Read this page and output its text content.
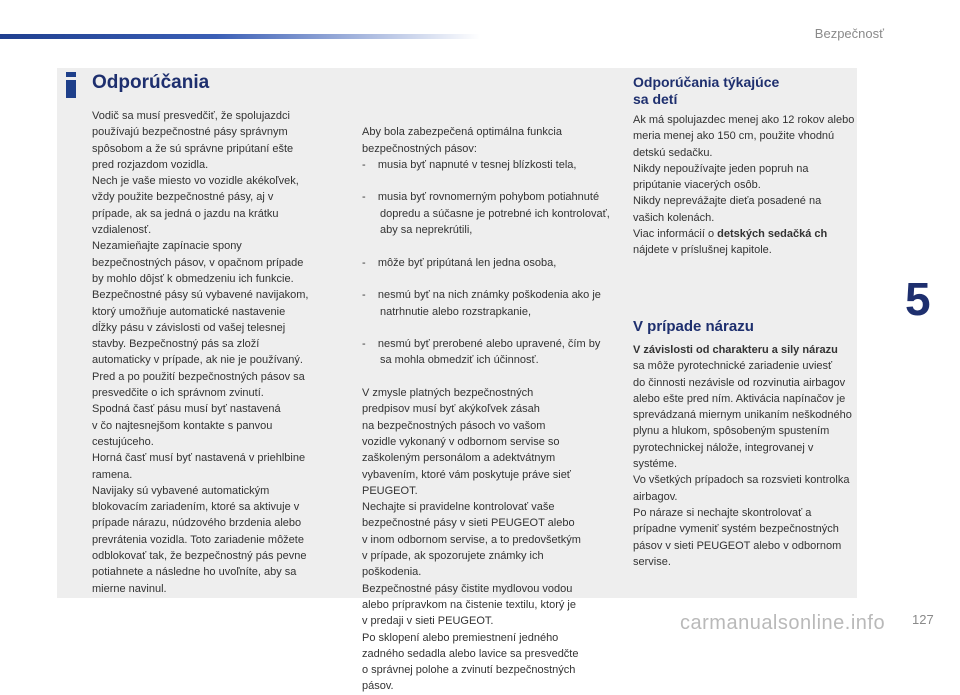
Bezpečnosť
Odporúčania

Vodič sa musí presvedčiť, že spolujazdci
používajú bezpečnostné pásy správnym
spôsobom a že sú správne pripútaní ešte
pred rozjazdom vozidla.
Nech je vaše miesto vo vozidle akékoľvek,
vždy použite bezpečnostné pásy, aj v
prípade, ak sa jedná o jazdu na krátku
vzdialenosť.
Nezamieňajte zapínacie spony
bezpečnostných pásov, v opačnom prípade
by mohlo dôjsť k obmedzeniu ich funkcie.
Bezpečnostné pásy sú vybavené navijakom,
ktorý umožňuje automatické nastavenie
dĺžky pásu v závislosti od vašej telesnej
stavby. Bezpečnostný pás sa zloží
automaticky v prípade, ak nie je používaný.
Pred a po použití bezpečnostných pásov sa
presvedčite o ich správnom zvinutí.
Spodná časť pásu musí byť nastavená
v čo najtesnejšom kontakte s panvou
cestujúceho.
Horná časť musí byť nastavená v priehlbine
ramena.
Navijaky sú vybavené automatickým
blokovacím zariadením, ktoré sa aktivuje v
prípade nárazu, núdzového brzdenia alebo
prevrátenia vozidla. Toto zariadenie môžete
odblokovať tak, že bezpečnostný pás pevne
potiahnete a následne ho uvoľníte, aby sa
mierne navinul.

Aby bola zabezpečená optimálna funkcia
bezpečnostných pásov:

-    musia byť napnuté v tesnej blízkosti tela,

-    musia byť rovnomerným pohybom potiahnuté dopredu a súčasne je potrebné ich kontrolovať, aby sa neprekrútili,

-    môže byť pripútaná len jedna osoba,

-    nesmú byť na nich známky poškodenia ako je natrhnutie alebo rozstrapkanie,

-    nesmú byť prerobené alebo upravené, čím by sa mohla obmedziť ich účinnosť.

V zmysle platných bezpečnostných
predpisov musí byť akýkoľvek zásah
na bezpečnostných pásoch vo vašom
vozidle vykonaný v odbornom servise so
zaškoleným personálom a adektvátnym
vybavením, ktoré vám poskytuje práve sieť
PEUGEOT.
Nechajte si pravidelne kontrolovať vaše
bezpečnostné pásy v sieti PEUGEOT alebo
v inom odbornom servise, a to predovšetkým
v prípade, ak spozorujete známky ich
poškodenia.
Bezpečnostné pásy čistite mydlovou vodou
alebo prípravkom na čistenie textilu, ktorý je
v predaji v sieti PEUGEOT.
Po sklopení alebo premiestnení jedného
zadného sedadla alebo lavice sa presvedčte
o správnej polohe a zvinutí bezpečnostných
pásov.

Odporúčania týkajúce
sa detí

Ak má spolujazdec menej ako 12 rokov alebo
meria menej ako 150 cm, použite vhodnú
detskú sedačku.
Nikdy nepoužívajte jeden popruh na
pripútanie viacerých osôb.
Nikdy neprevážajte dieťa posadené na
vašich kolenách.
Viac informácií o detských sedačká ch
nájdete v príslušnej kapitole.

V prípade nárazu

V závislosti od charakteru a sily nárazu
sa môže pyrotechnické zariadenie uviesť
do činnosti nezávisle od rozvinutia airbagov
alebo ešte pred ním. Aktivácia napínačov je
sprevádzaná miernym unikaním neškodného
plynu a hlukom, spôsobeným spustením
pyrotechnickej nálože, integrovanej v
systéme.
Vo všetkých prípadoch sa rozsvieti kontrolka
airbagov.
Po náraze si nechajte skontrolovať a
prípadne vymeniť systém bezpečnostných
pásov v sieti PEUGEOT alebo v odbornom
servise.

5
carmanualsonline.info 127
